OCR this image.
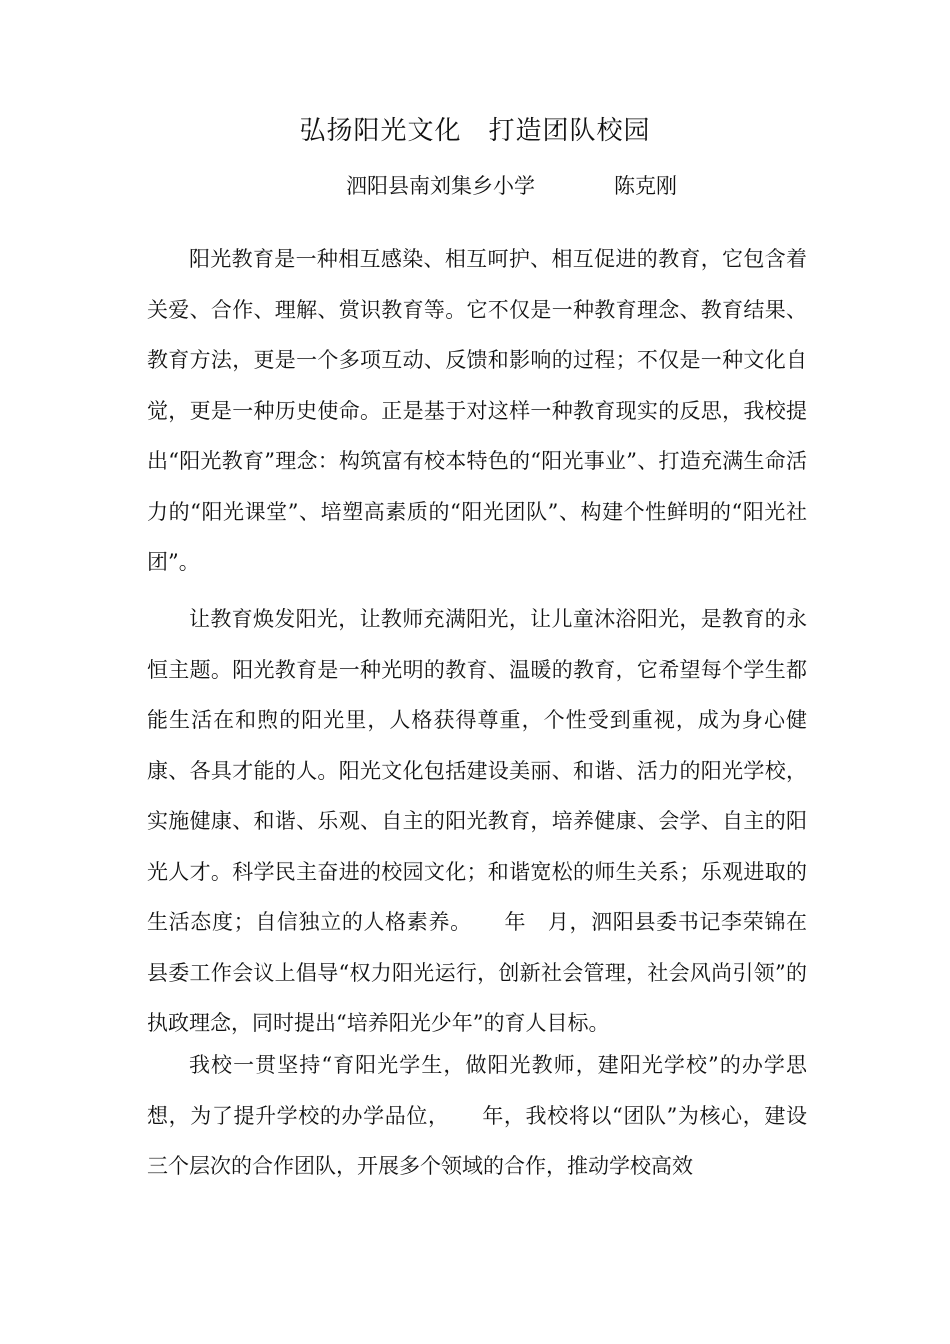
弘扬阳光文化　打造团队校园
泗阳县南刘集乡小学	陈克刚

阳光教育是一种相互感染、相互呵护、相互促进的教育，它包含着关爱、合作、理解、赏识教育等。它不仅是一种教育理念、教育结果、教育方法，更是一个多项互动、反馈和影响的过程；不仅是一种文化自觉，更是一种历史使命。正是基于对这样一种教育现实的反思，我校提出“阳光教育”理念：构筑富有校本特色的“阳光事业”、打造充满生命活力的“阳光课堂”、培塑高素质的“阳光团队”、构建个性鲜明的“阳光社团”。

让教育焕发阳光，让教师充满阳光，让儿童沐浴阳光，是教育的永恒主题。阳光教育是一种光明的教育、温暖的教育，它希望每个学生都能生活在和煦的阳光里，人格获得尊重，个性受到重视，成为身心健康、各具才能的人。阳光文化包括建设美丽、和谐、活力的阳光学校，实施健康、和谐、乐观、自主的阳光教育，培养健康、会学、自主的阳光人才。科学民主奋进的校园文化；和谐宽松的师生关系；乐观进取的生活态度；自信独立的人格素养。　　年　月，泗阳县委书记李荣锦在县委工作会议上倡导“权力阳光运行，创新社会管理，社会风尚引领”的执政理念，同时提出“培养阳光少年”的育人目标。

我校一贯坚持“育阳光学生，做阳光教师，建阳光学校”的办学思想，为了提升学校的办学品位，　　年，我校将以“团队”为核心，建设三个层次的合作团队，开展多个领域的合作，推动学校高效
